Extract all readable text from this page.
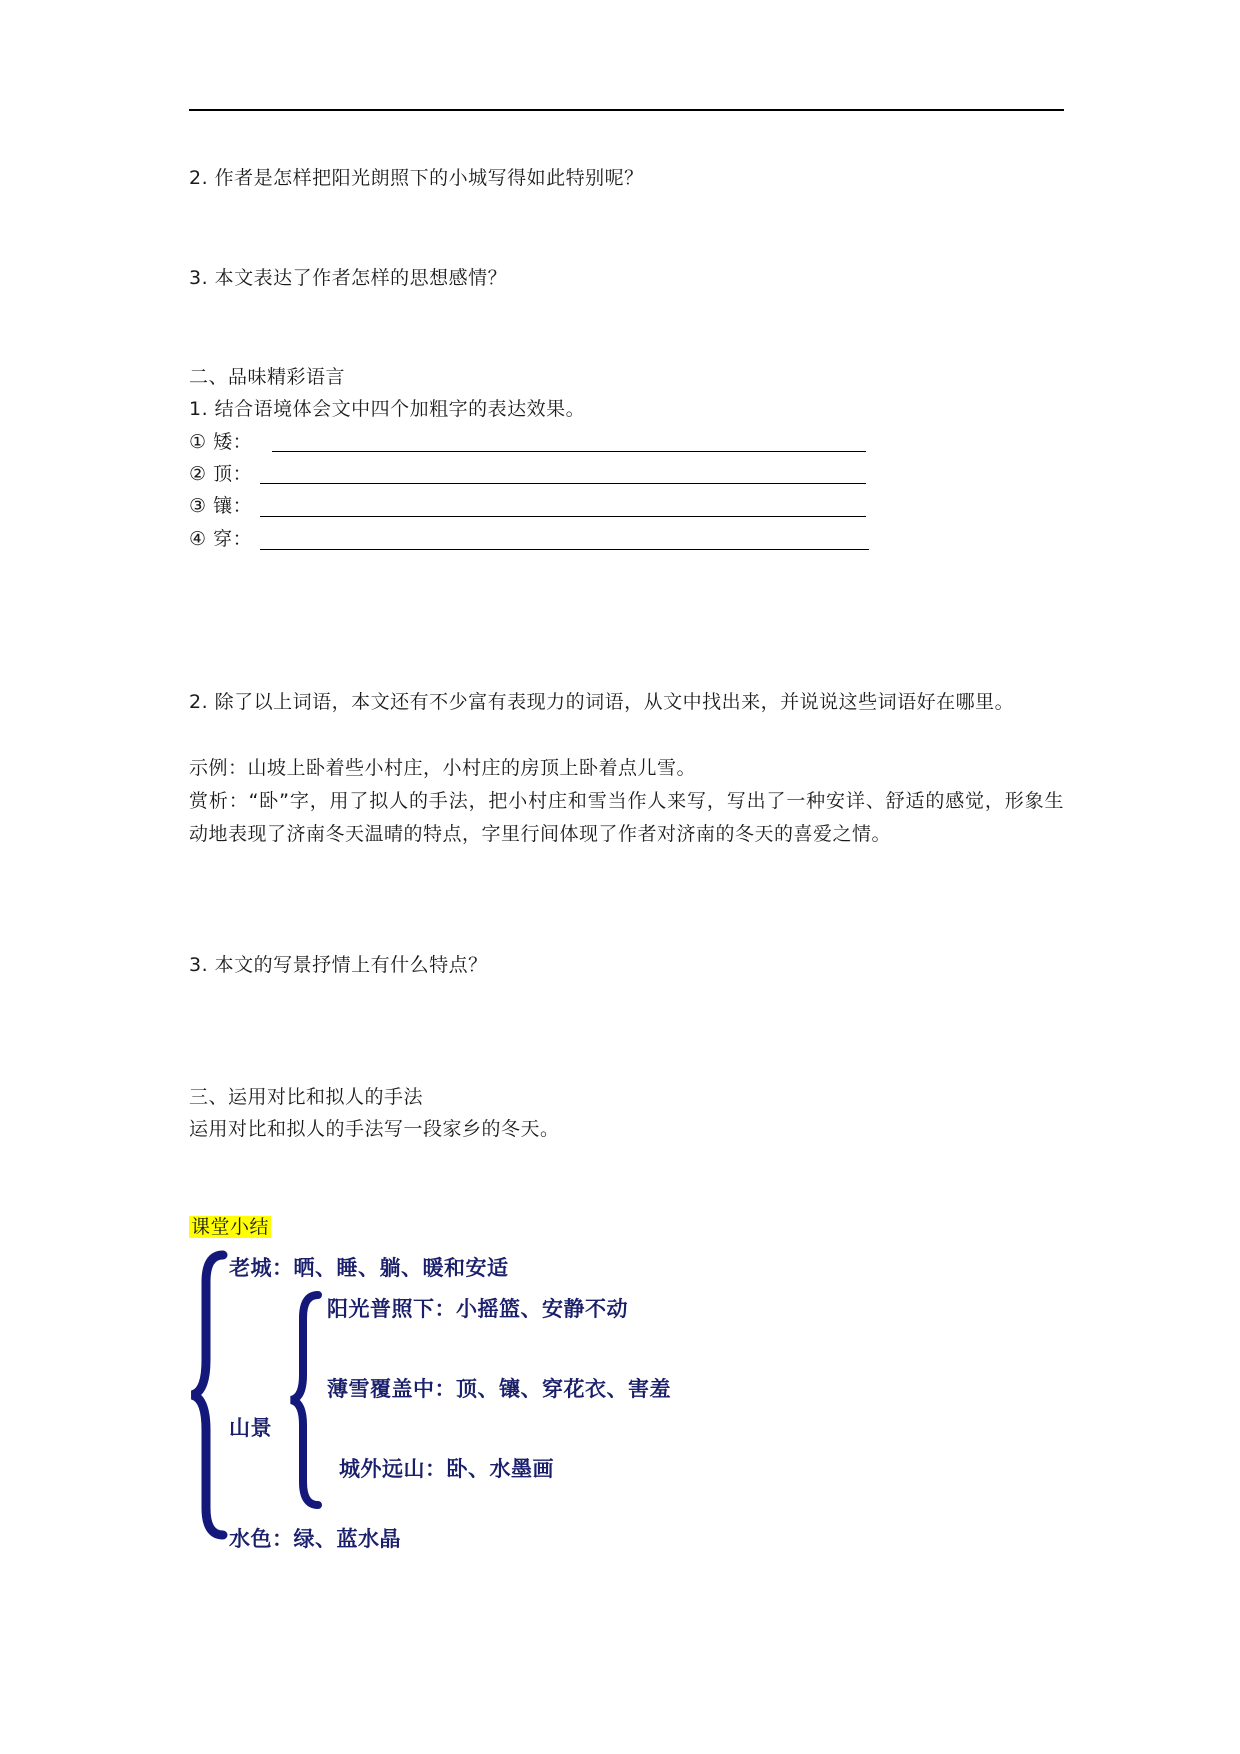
2. 作者是怎样把阳光朗照下的小城写得如此特别呢？
3. 本文表达了作者怎样的思想感情？
二、品味精彩语言
1. 结合语境体会文中四个加粗字的表达效果。
① 矮：
② 顶：
③ 镶：
④ 穿：
2. 除了以上词语，本文还有不少富有表现力的词语，从文中找出来，并说说这些词语好在哪里。
示例：山坡上卧着些小村庄，小村庄的房顶上卧着点儿雪。
赏析：“卧”字，用了拟人的手法，把小村庄和雪当作人来写，写出了一种安详、舒适的感觉，形象生动地表现了济南冬天温晴的特点，字里行间体现了作者对济南的冬天的喜爱之情。
3. 本文的写景抒情上有什么特点？
三、运用对比和拟人的手法
运用对比和拟人的手法写一段家乡的冬天。
课堂小结
老城：晒、睡、躺、暖和安适
阳光普照下：小摇篮、安静不动
薄雪覆盖中：顶、镶、穿花衣、害羞
山景
城外远山：卧、水墨画
水色：绿、蓝水晶
